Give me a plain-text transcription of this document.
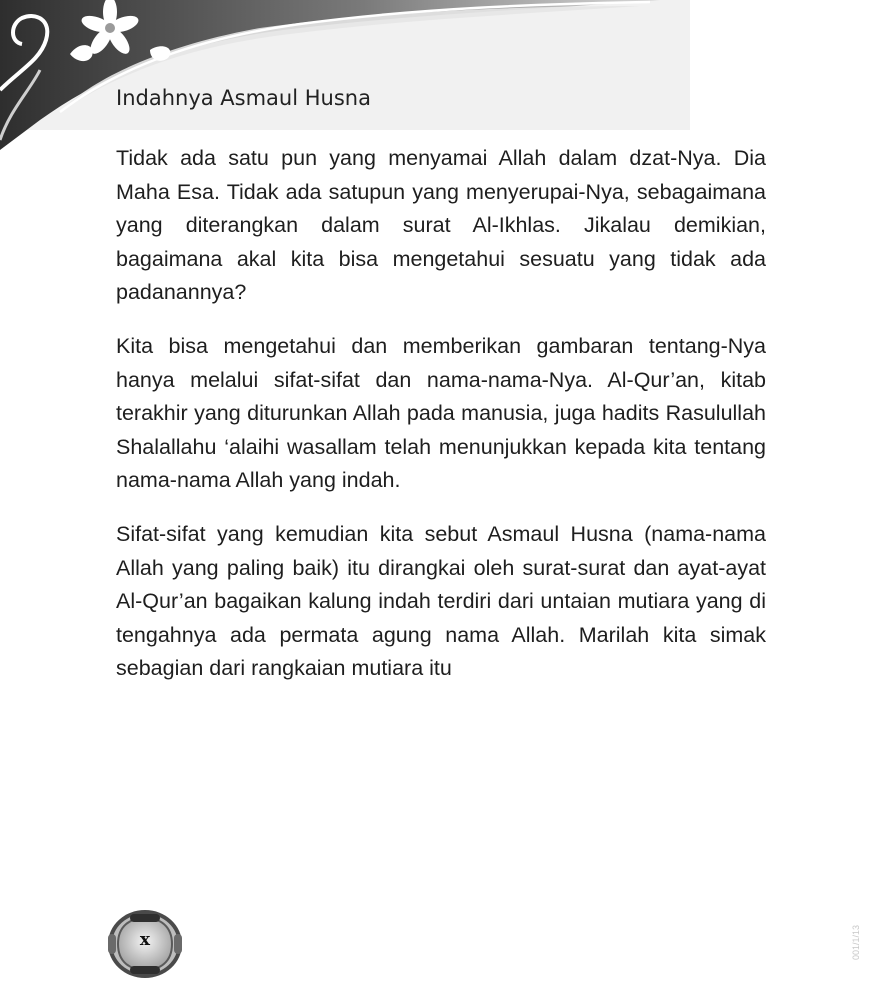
Indahnya Asmaul Husna

Tidak ada satu pun yang menyamai Allah dalam dzat-Nya. Dia Maha Esa. Tidak ada satupun yang menyerupai-Nya, sebagaimana yang diterangkan dalam surat Al-Ikhlas. Jikalau demikian, bagaimana akal kita bisa mengetahui sesuatu yang tidak ada padanannya?

Kita bisa mengetahui dan memberikan gambaran tentang-Nya hanya melalui sifat-sifat dan nama-nama-Nya. Al-Qur’an, kitab terakhir yang diturunkan Allah pada manusia, juga hadits Rasulullah Shalallahu ‘alaihi wasallam telah menunjukkan kepada kita tentang nama-nama Allah yang indah.

Sifat-sifat yang kemudian kita sebut Asmaul Husna (nama-nama Allah yang paling baik) itu dirangkai oleh surat-surat dan ayat-ayat Al-Qur’an bagaikan kalung indah terdiri dari untaian mutiara yang di tengahnya ada permata agung nama Allah. Marilah kita simak sebagian dari rangkaian mutiara itu

x	001/1/13
